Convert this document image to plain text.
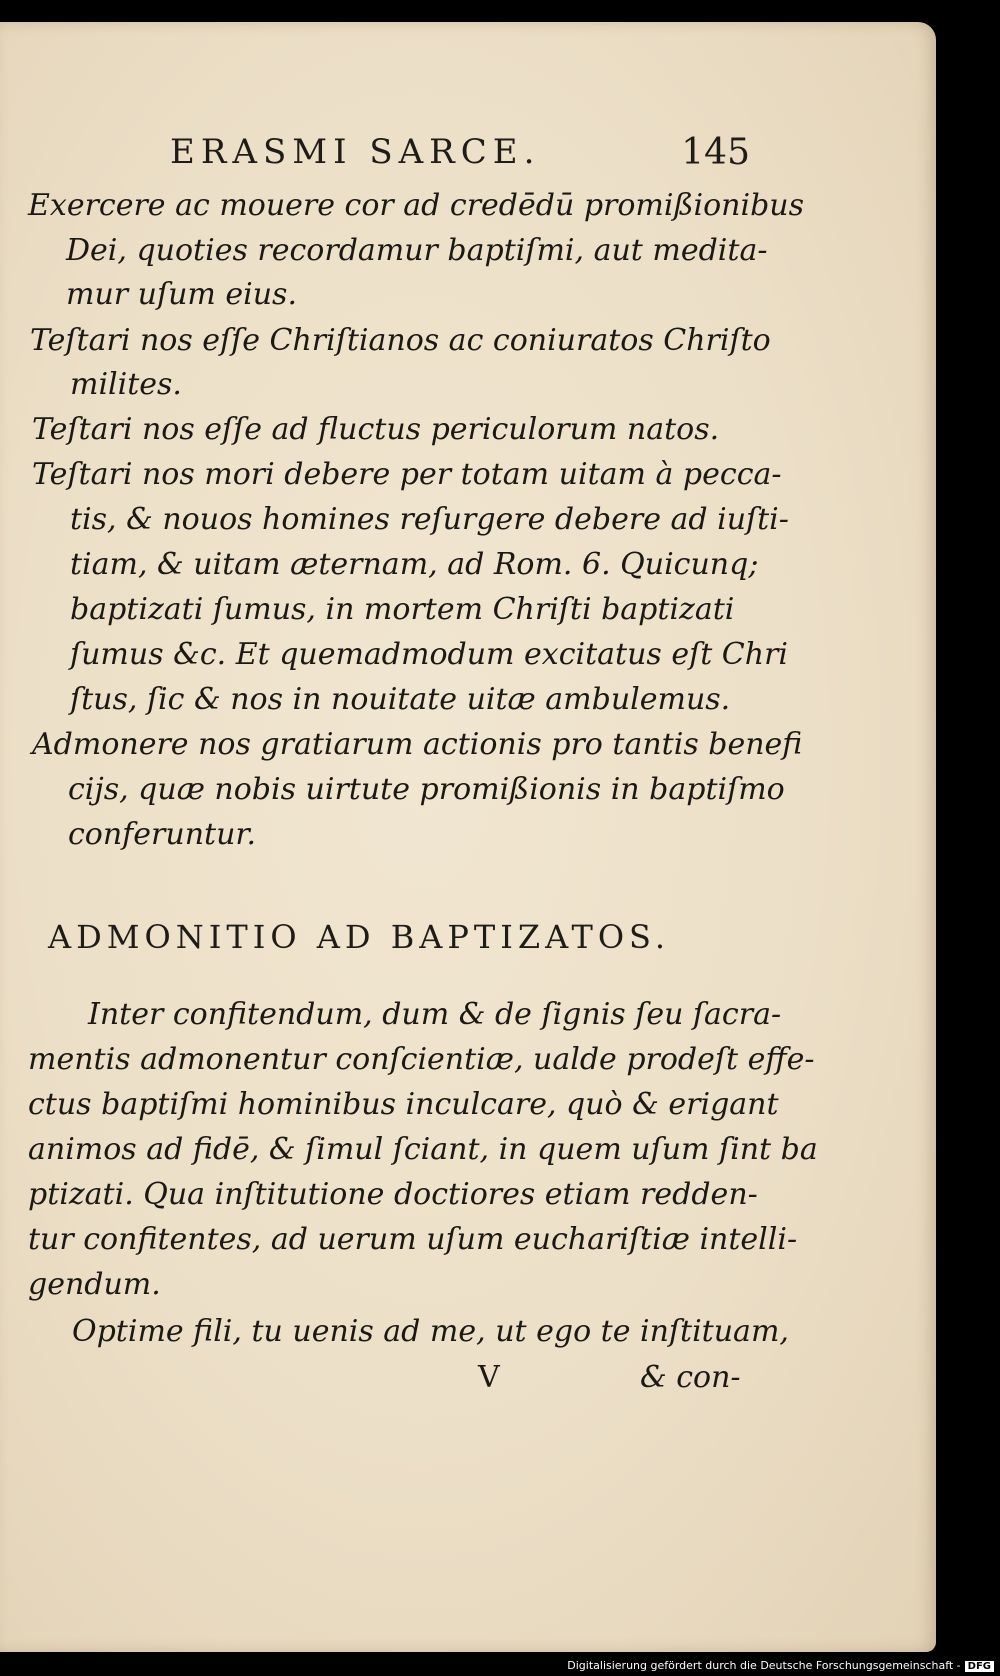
ERASMI SARCE.	145
Exercere ac mouere cor ad credēdū promißionibus
Dei, quoties recordamur baptiſmi, aut medita-
mur uſum eius.
Teſtari nos eſſe Chriſtianos ac coniuratos Chriſto
milites.
Teſtari nos eſſe ad fluctus periculorum natos.
Teſtari nos mori debere per totam uitam à pecca-
tis, & nouos homines reſurgere debere ad iuſti-
tiam, & uitam æternam, ad Rom. 6. Quicunq;
baptizati ſumus, in mortem Chriſti baptizati
ſumus &c. Et quemadmodum excitatus eſt Chri
ſtus, ſic & nos in nouitate uitæ ambulemus.
Admonere nos gratiarum actionis pro tantis benefi
cijs, quæ nobis uirtute promißionis in baptiſmo
conferuntur.
ADMONITIO AD BAPTIZATOS.
Inter confitendum, dum & de ſignis ſeu ſacra-
mentis admonentur conſcientiæ, ualde prodeſt effe-
ctus baptiſmi hominibus inculcare, quò & erigant
animos ad fidē, & ſimul ſciant, in quem uſum ſint ba
ptizati. Qua inſtitutione doctiores etiam redden-
tur confitentes, ad uerum uſum euchariſtiæ intelli-
gendum.
Optime fili, tu uenis ad me, ut ego te inſtituam,
V	& con-
Digitalisierung gefördert durch die Deutsche Forschungsgemeinschaft - DFG
